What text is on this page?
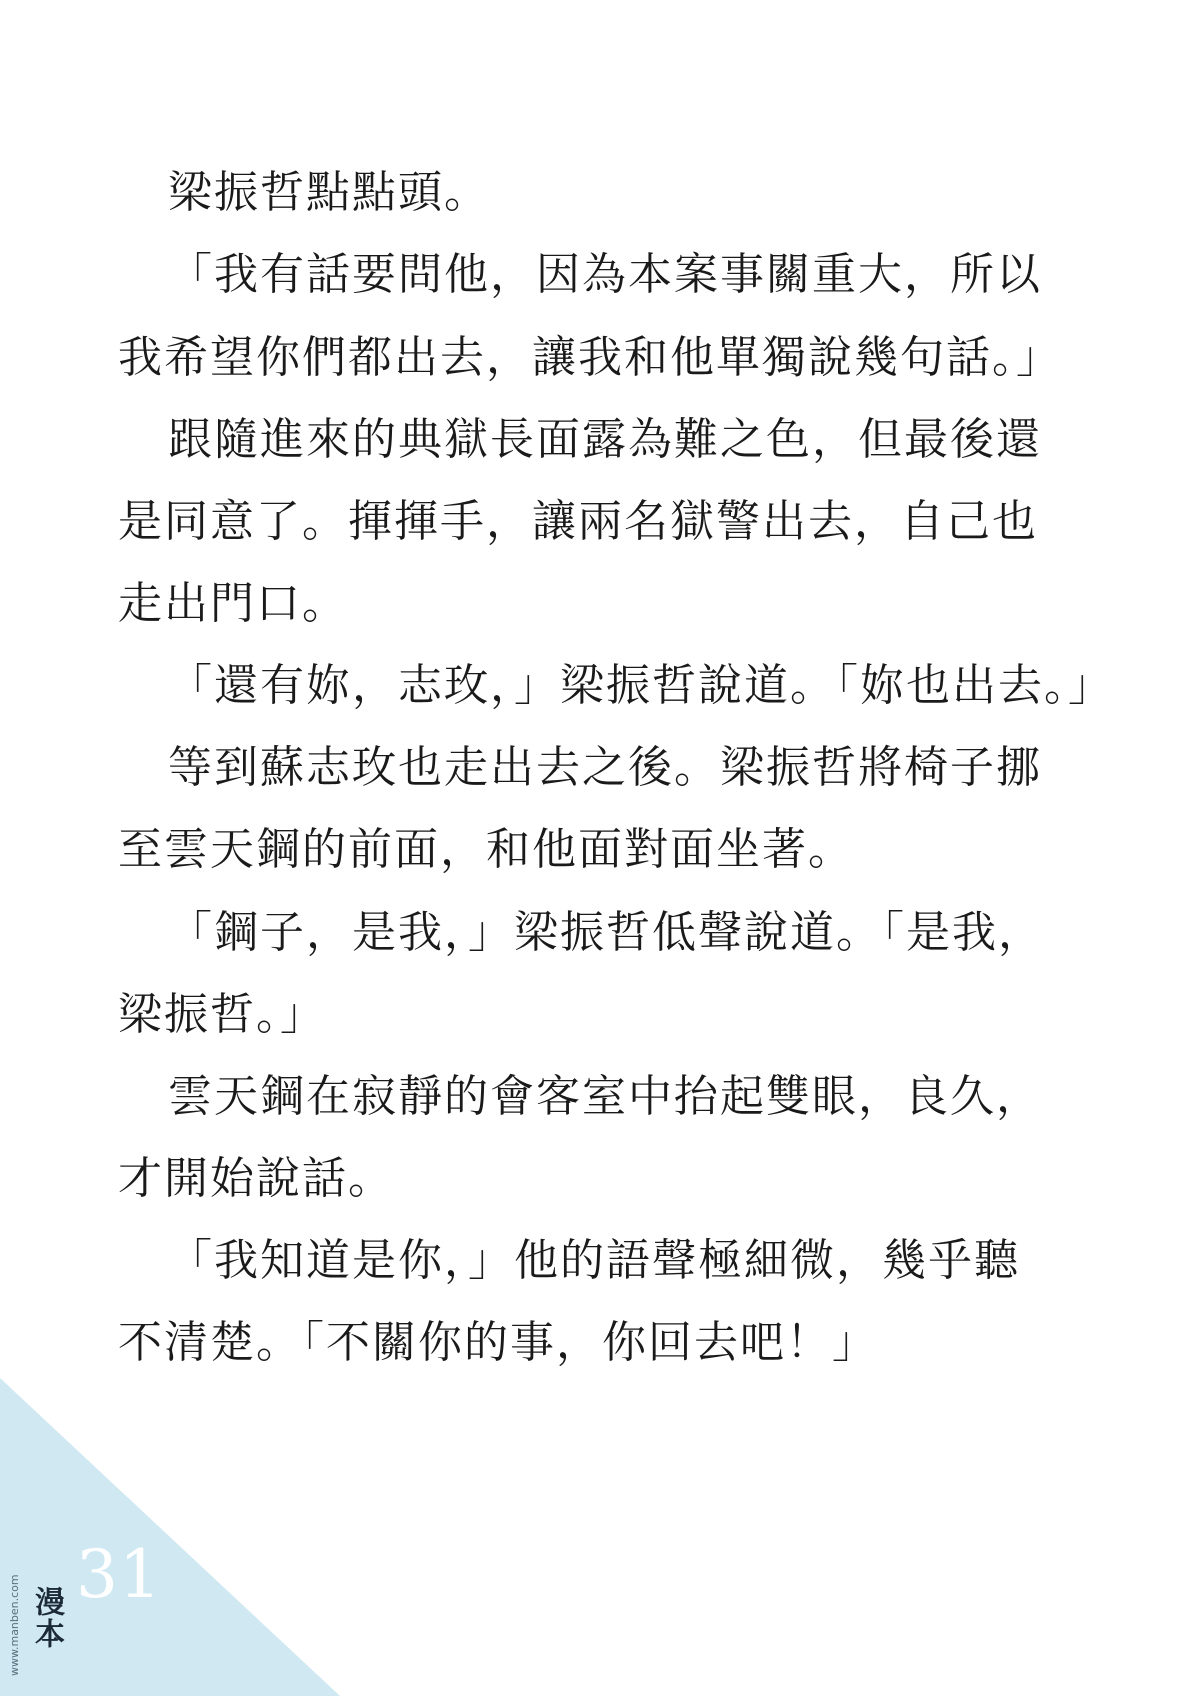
梁振哲點點頭。

「我有話要問他，因為本案事關重大，所以

我希望你們都出去，讓我和他單獨說幾句話。」

跟隨進來的典獄長面露為難之色，但最後還

是同意了。揮揮手，讓兩名獄警出去，自己也

走出門口。

「還有妳，志玫，」梁振哲說道。「妳也出去。」

等到蘇志玫也走出去之後。梁振哲將椅子挪

至雲天鋼的前面，和他面對面坐著。

「鋼子，是我，」梁振哲低聲說道。「是我，

梁振哲。」

雲天鋼在寂靜的會客室中抬起雙眼，良久，

才開始說話。

「我知道是你，」他的語聲極細微，幾乎聽

不清楚。「不關你的事，你回去吧！」

31
www.manben.com 漫本
